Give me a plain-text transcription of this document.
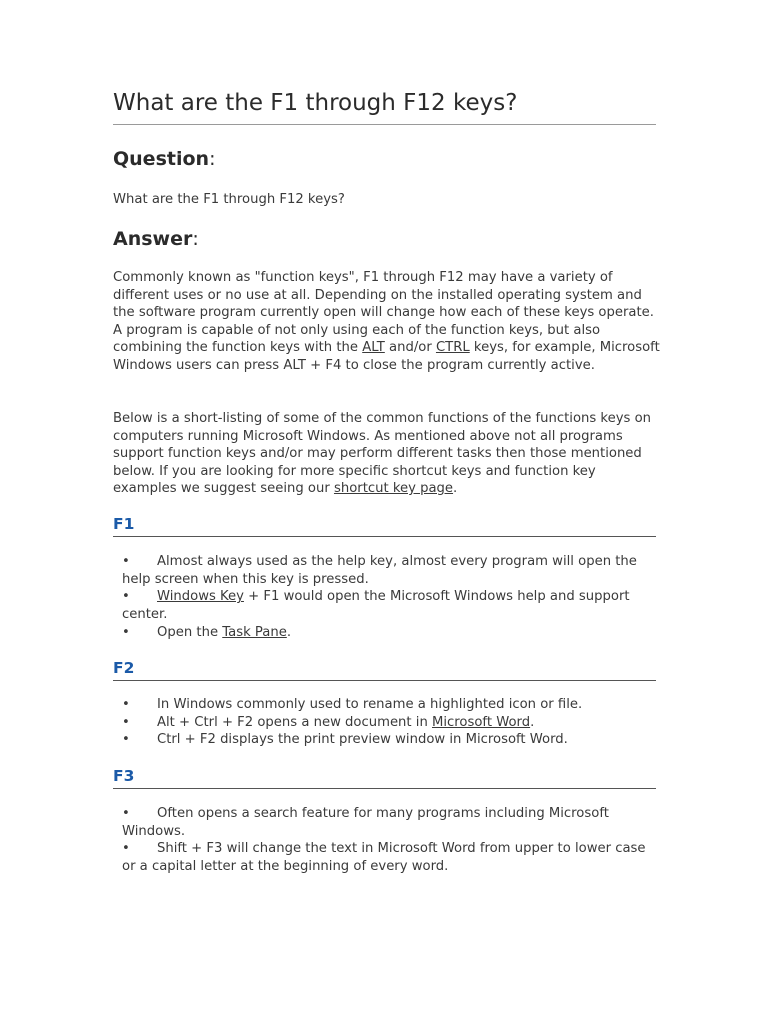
What are the F1 through F12 keys?
Question:

What are the F1 through F12 keys?

Answer:

Commonly known as "function keys", F1 through F12 may have a variety of different uses or no use at all. Depending on the installed operating system and the software program currently open will change how each of these keys operate. A program is capable of not only using each of the function keys, but also combining the function keys with the ALT and/or CTRL keys, for example, Microsoft Windows users can press ALT + F4 to close the program currently active.

Below is a short-listing of some of the common functions of the functions keys on computers running Microsoft Windows. As mentioned above not all programs support function keys and/or may perform different tasks then those mentioned below. If you are looking for more specific shortcut keys and function key examples we suggest seeing our shortcut key page.

F1
• Almost always used as the help key, almost every program will open the help screen when this key is pressed.
• Windows Key + F1 would open the Microsoft Windows help and support center.
• Open the Task Pane.
F2
• In Windows commonly used to rename a highlighted icon or file.
• Alt + Ctrl + F2 opens a new document in Microsoft Word.
• Ctrl + F2 displays the print preview window in Microsoft Word.
F3
• Often opens a search feature for many programs including Microsoft Windows.
• Shift + F3 will change the text in Microsoft Word from upper to lower case or a capital letter at the beginning of every word.
